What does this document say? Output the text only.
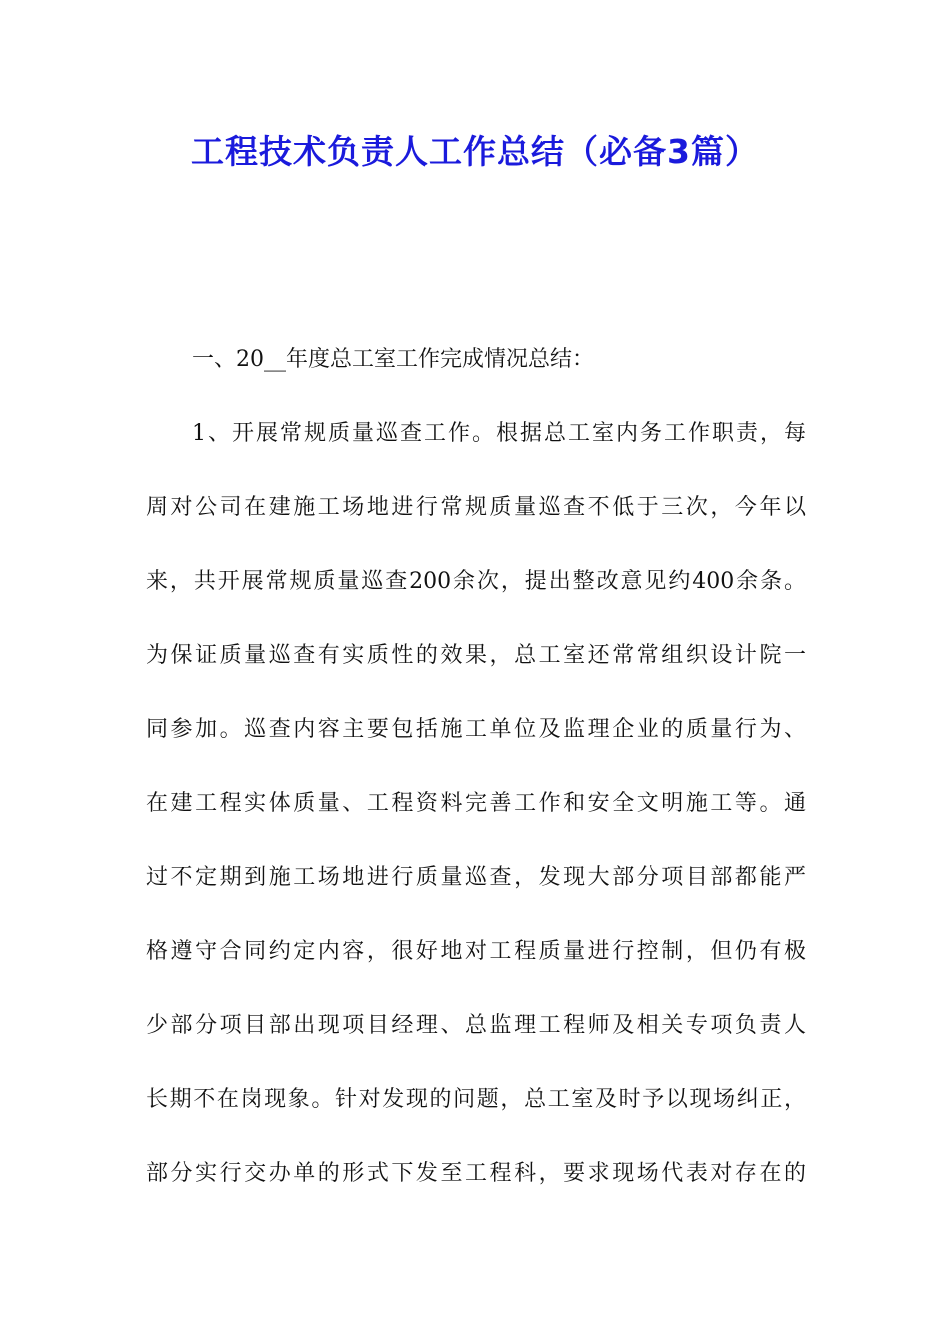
工程技术负责人工作总结（必备3篇）

一、20__年度总工室工作完成情况总结：

1、开展常规质量巡查工作。根据总工室内务工作职责，每
周对公司在建施工场地进行常规质量巡查不低于三次，今年以
来，共开展常规质量巡查200余次，提出整改意见约400余条。
为保证质量巡查有实质性的效果，总工室还常常组织设计院一
同参加。巡查内容主要包括施工单位及监理企业的质量行为、
在建工程实体质量、工程资料完善工作和安全文明施工等。通
过不定期到施工场地进行质量巡查，发现大部分项目部都能严
格遵守合同约定内容，很好地对工程质量进行控制，但仍有极
少部分项目部出现项目经理、总监理工程师及相关专项负责人
长期不在岗现象。针对发现的问题，总工室及时予以现场纠正，
部分实行交办单的形式下发至工程科，要求现场代表对存在的
